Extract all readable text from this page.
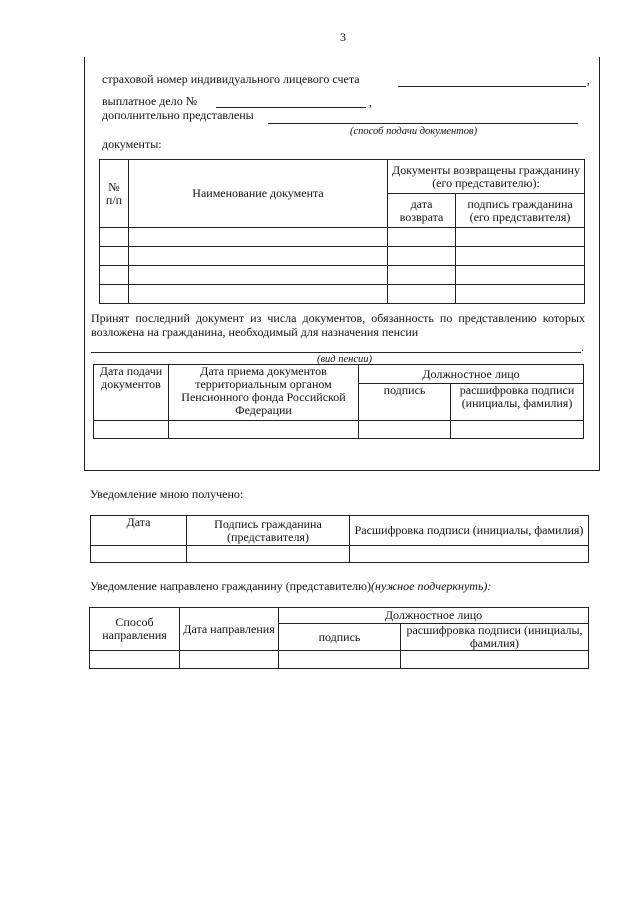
3
страховой номер индивидуального лицевого счета	,
выплатное дело №	,
дополнительно представлены
(способ подачи документов)
документы:
№ п/п	Наименование документа	Документы возвращены гражданину (его представителю):	
		дата возврата	подпись гражданина (его представителя)

Принят последний документ из числа документов, обязанность по представлению которых возложена на гражданина, необходимый для назначения пенсии
.
(вид пенсии)
Дата подачи документов	Дата приема документов территориальным органом Пенсионного фонда Российской Федерации	Должностное лицо	
		подпись	расшифровка подписи (инициалы, фамилия)

Уведомление мною получено:
Дата	Подпись гражданина (представителя)	Расшифровка подписи (инициалы, фамилия)

Уведомление направлено гражданину (представителю)(нужное подчеркнуть):
Способ направления	Дата направления	Должностное лицо	
		подпись	расшифровка подписи (инициалы, фамилия)
